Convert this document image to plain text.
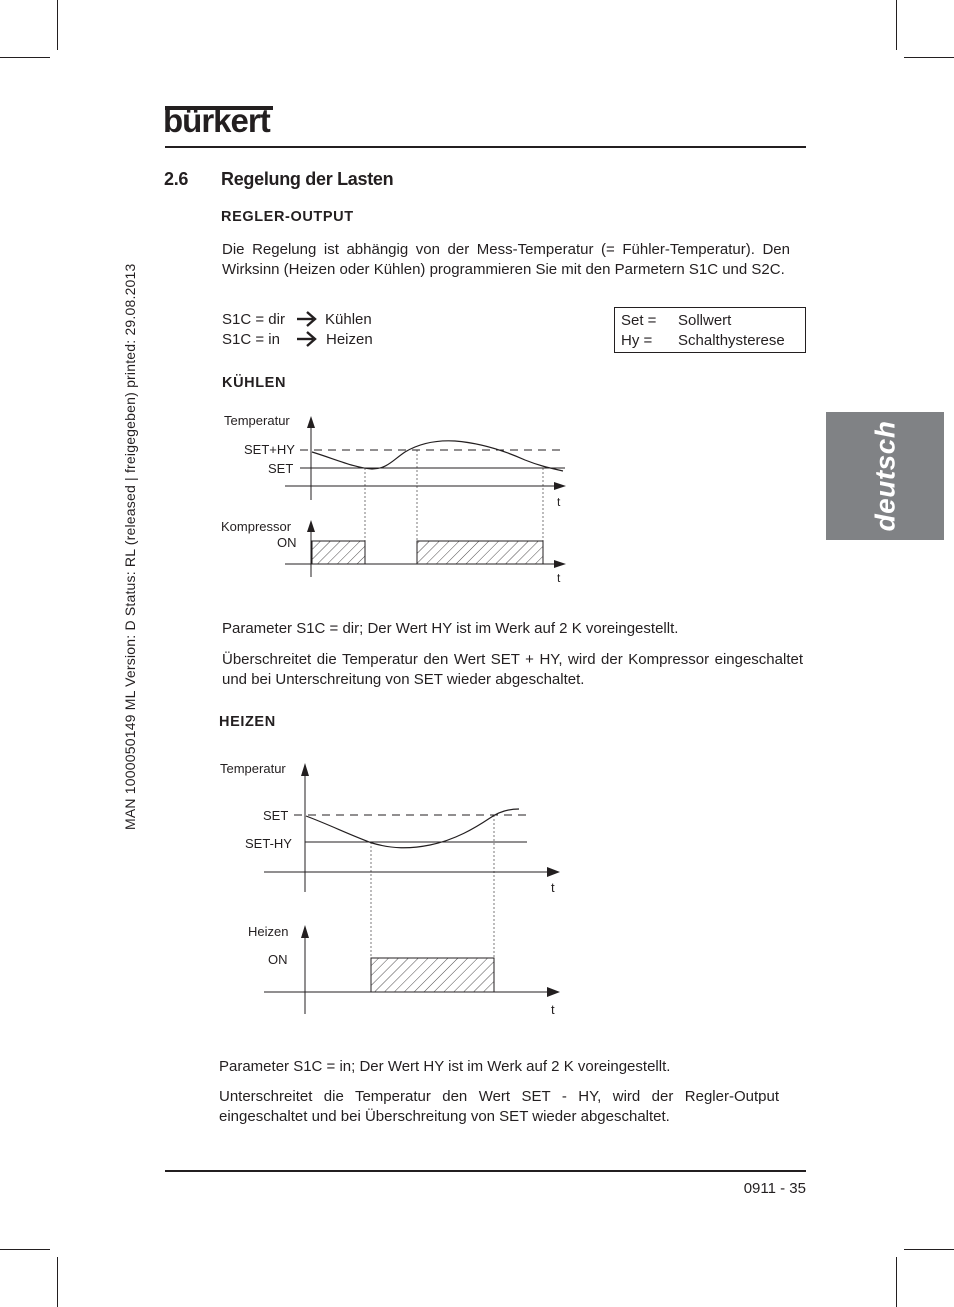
bürkert
MAN 1000050149 ML Version: D Status: RL (released | freigegeben) printed: 29.08.2013	deutsch
2.6 Regelung der Lasten
REGLER-OUTPUT
Die Regelung ist abhängig von der Mess-Temperatur (= Fühler-Temperatur). Den Wirksinn (Heizen oder Kühlen) programmieren Sie mit den Parmetern S1C und S2C.
S1C = dir	Kühlen
S1C = in	Heizen
Set = Sollwert
Hy = Schalthysterese
KÜHLEN
Temperatur
SET+HY
SET
t
Kompressor
ON
t
Parameter S1C = dir; Der Wert HY ist im Werk auf 2 K voreingestellt.
Überschreitet die Temperatur den Wert SET + HY, wird der Kompressor eingeschaltet und bei Unterschreitung von SET wieder abgeschaltet.
HEIZEN
Temperatur
SET
SET-HY
t
Heizen
ON
t
Parameter S1C = in; Der Wert HY ist im Werk auf 2 K voreingestellt.
Unterschreitet die Temperatur den Wert SET - HY, wird der Regler-Output eingeschaltet und bei Überschreitung von SET wieder abgeschaltet.
0911 - 35
